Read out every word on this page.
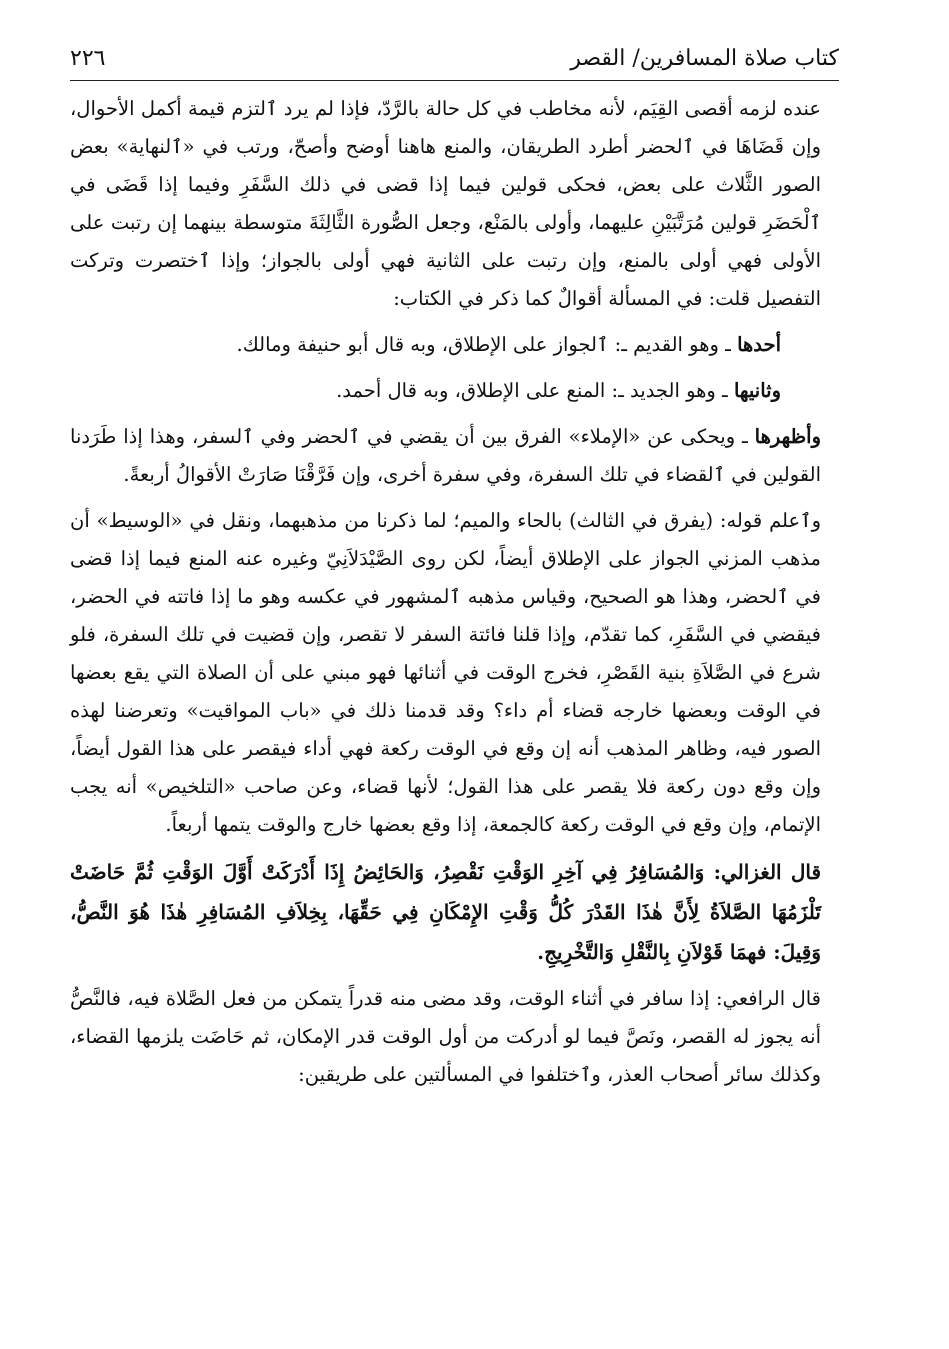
كتاب صلاة المسافرين/ القصر
٢٢٦

عنده لزمه أقصى القِيَم، لأنه مخاطب في كل حالة بالرَّدّ، فإذا لم يرد ٱلتزم قيمة أكمل الأحوال، وإن قَضَاهَا في ٱلحضر أطرد الطريقان، والمنع هاهنا أوضح وأصحّ، ورتب في «ٱلنهاية» بعض الصور الثَّلاث على بعض، فحكى قولين فيما إذا قضى في ذلك السَّفَرِ وفيما إذا قَضَى في ٱلْحَضَرِ قولين مُرَتَّبَيْنِ عليهما، وأولى بالمَنْع، وجعل الصُّورة الثَّالِثَةَ متوسطة بينهما إن رتبت على الأولى فهي أولى بالمنع، وإن رتبت على الثانية فهي أولى بالجواز؛ وإذا ٱختصرت وتركت التفصيل قلت: في المسألة أقوالٌ كما ذكر في الكتاب:

أحدها ـ وهو القديم ـ: ٱلجواز على الإطلاق، وبه قال أبو حنيفة ومالك.

وثانيها ـ وهو الجديد ـ: المنع على الإطلاق، وبه قال أحمد.

وأظهرها ـ ويحكى عن «الإملاء» الفرق بين أن يقضي في ٱلحضر وفي ٱلسفر، وهذا إذا طَرَدنا القولين في ٱلقضاء في تلك السفرة، وفي سفرة أخرى، وإن فَرَّقْنَا صَارَتْ الأقوالُ أربعةً.

وٱعلم قوله: (يفرق في الثالث) بالحاء والميم؛ لما ذكرنا من مذهبهما، ونقل في «الوسيط» أن مذهب المزني الجواز على الإطلاق أيضاً، لكن روى الصَّيْدَلاَنِيّ وغيره عنه المنع فيما إذا قضى في ٱلحضر، وهذا هو الصحيح، وقياس مذهبه ٱلمشهور في عكسه وهو ما إذا فاتته في الحضر، فيقضي في السَّفَرِ، كما تقدّم، وإذا قلنا فائتة السفر لا تقصر، وإن قضيت في تلك السفرة، فلو شرع في الصَّلاَةِ بنية القَصْرِ، فخرج الوقت في أثنائها فهو مبني على أن الصلاة التي يقع بعضها في الوقت وبعضها خارجه قضاء أم داء؟ وقد قدمنا ذلك في «باب المواقيت» وتعرضنا لهذه الصور فيه، وظاهر المذهب أنه إن وقع في الوقت ركعة فهي أداء فيقصر على هذا القول أيضاً، وإن وقع دون ركعة فلا يقصر على هذا القول؛ لأنها قضاء، وعن صاحب «التلخيص» أنه يجب الإتمام، وإن وقع في الوقت ركعة كالجمعة، إذا وقع بعضها خارج والوقت يتمها أربعاً.

قال الغزالي: وَالمُسَافِرُ فِي آخِرِ الوَقْتِ نَقْصِرُ، وَالحَائِضُ إِذَا أَدْرَكَتْ أَوَّلَ الوَقْتِ ثُمَّ حَاضَتْ تَلْزَمُهَا الصَّلاَةُ لِأَنَّ هٰذَا القَدْرَ كُلُّ وَقْتِ الإِمْكَانِ فِي حَقِّهَا، بِخِلاَفِ المُسَافِرِ هٰذَا هُوَ النَّصُّ، وَقِيلَ: فهمَا قَوْلاَنِ بِالنَّقْلِ وَالتَّخْرِيجِ.

قال الرافعي: إذا سافر في أثناء الوقت، وقد مضى منه قدراً يتمكن من فعل الصَّلاة فيه، فالنَّصُّ أنه يجوز له القصر، ونَصَّ فيما لو أدركت من أول الوقت قدر الإمكان، ثم حَاضَت يلزمها القضاء، وكذلك سائر أصحاب العذر، وٱختلفوا في المسألتين على طريقين:
